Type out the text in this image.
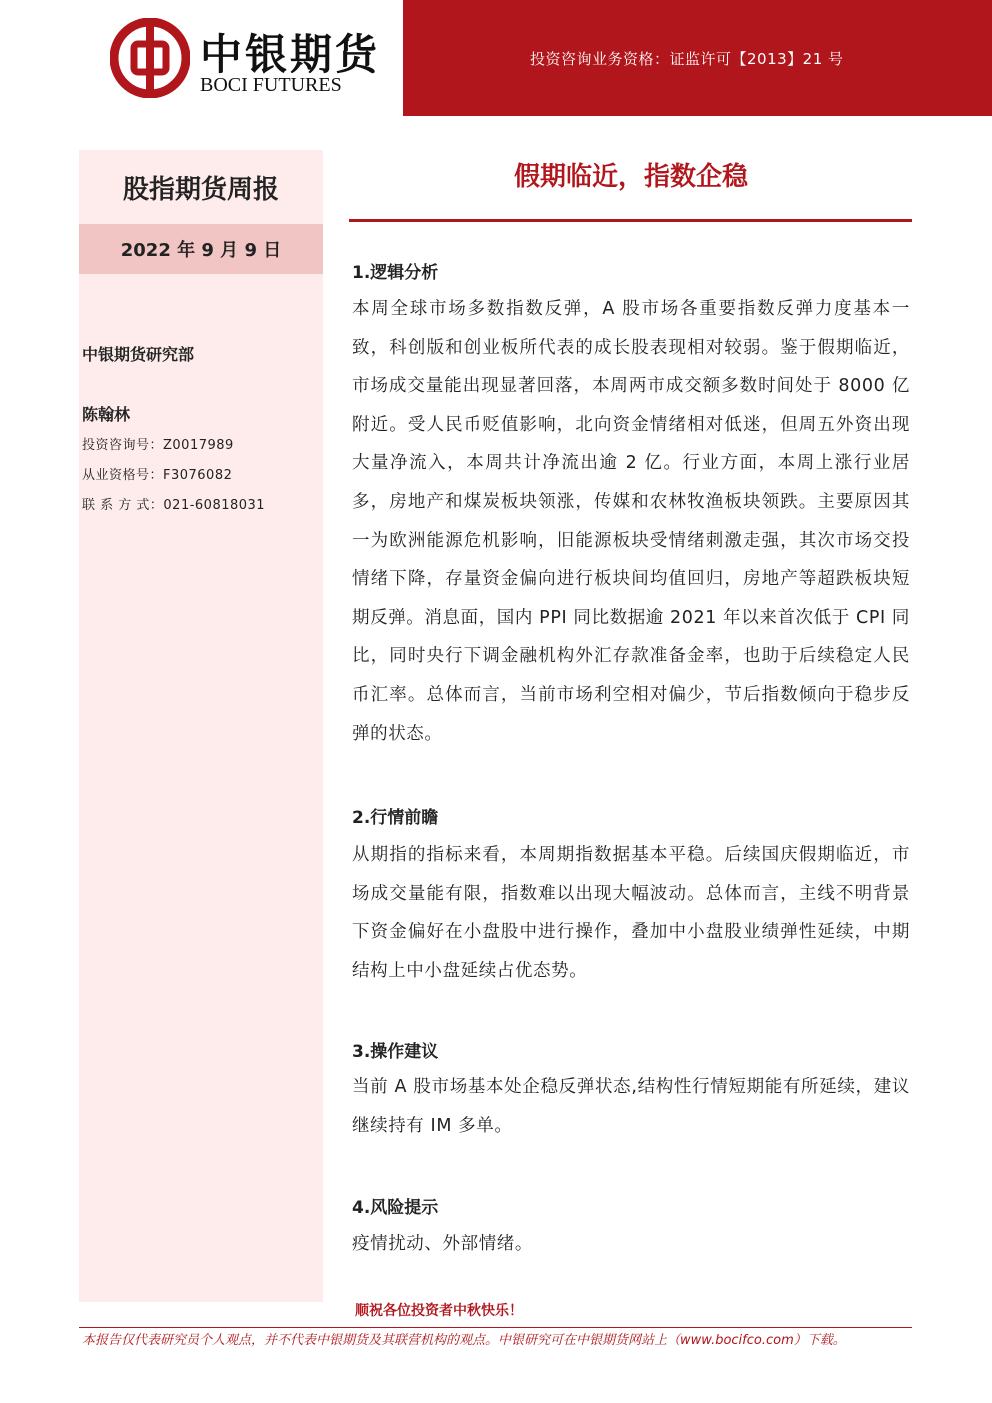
中银期货
BOCI FUTURES
投资咨询业务资格：证监许可【2013】21 号
股指期货周报
2022 年 9 月 9 日
中银期货研究部
陈翰林
投资咨询号：Z0017989
从业资格号：F3076082
联 系 方 式：021-60818031
假期临近，指数企稳
1.逻辑分析
本周全球市场多数指数反弹，A 股市场各重要指数反弹力度基本一致，科创版和创业板所代表的成长股表现相对较弱。鉴于假期临近，市场成交量能出现显著回落，本周两市成交额多数时间处于 8000 亿附近。受人民币贬值影响，北向资金情绪相对低迷，但周五外资出现大量净流入，本周共计净流出逾 2 亿。行业方面，本周上涨行业居多，房地产和煤炭板块领涨，传媒和农林牧渔板块领跌。主要原因其一为欧洲能源危机影响，旧能源板块受情绪刺激走强，其次市场交投情绪下降，存量资金偏向进行板块间均值回归，房地产等超跌板块短期反弹。消息面，国内 PPI 同比数据逾 2021 年以来首次低于 CPI 同比，同时央行下调金融机构外汇存款准备金率，也助于后续稳定人民币汇率。总体而言，当前市场利空相对偏少，节后指数倾向于稳步反弹的状态。
2.行情前瞻
从期指的指标来看，本周期指数据基本平稳。后续国庆假期临近，市场成交量能有限，指数难以出现大幅波动。总体而言，主线不明背景下资金偏好在小盘股中进行操作，叠加中小盘股业绩弹性延续，中期结构上中小盘延续占优态势。
3.操作建议
当前 A 股市场基本处企稳反弹状态,结构性行情短期能有所延续，建议继续持有 IM 多单。
4.风险提示
疫情扰动、外部情绪。
顺祝各位投资者中秋快乐！
本报告仅代表研究员个人观点，并不代表中银期货及其联营机构的观点。中银研究可在中银期货网站上（www.bocifco.com）下载。
